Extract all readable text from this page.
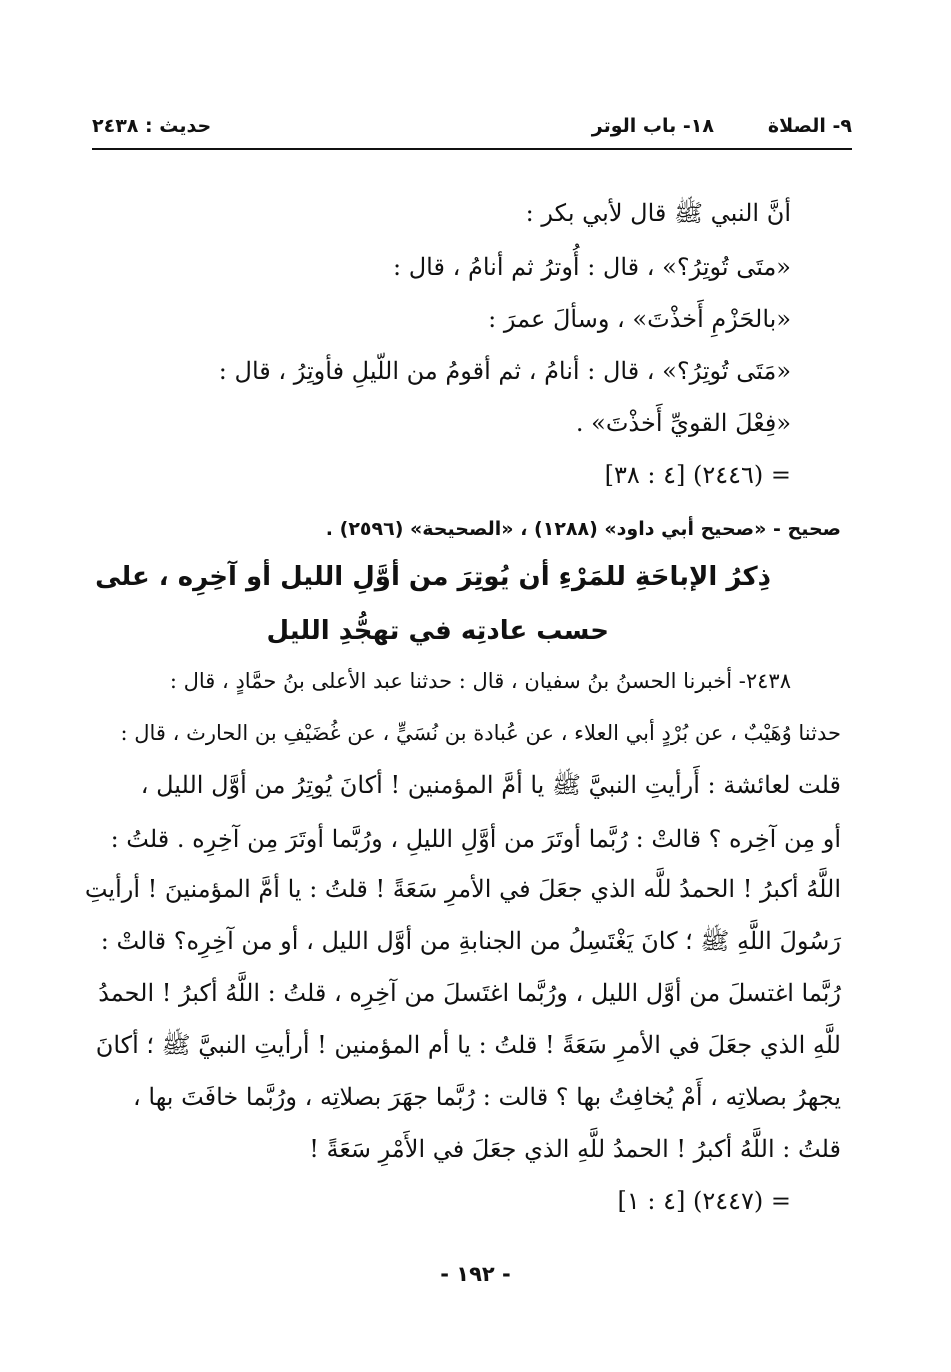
٩- الصلاة
١٨- باب الوتر
حديث : ٢٤٣٨
أنَّ النبي ﷺ قال لأبي بكر :
«متَى تُوتِرُ؟» ، قال : أُوترُ ثم أنامُ ، قال :
«بالحَزْمِ أَخذْتَ» ، وسألَ عمرَ :
«مَتَى تُوتِرُ؟» ، قال : أنامُ ، ثم أقومُ من اللّيلِ فأوتِرُ ، قال :
«فِعْلَ القويِّ أَخذْتَ» .
= (٢٤٤٦) [٤ : ٣٨]
صحيح - «صحيح أبي داود» (١٢٨٨) ، «الصحيحة» (٢٥٩٦) .
ذِكرُ الإباحَةِ للمَرْءِ أن يُوتِرَ من أوَّلِ الليل أو آخِرِه ، على
حسب عادتِه في تهجُّدِ الليل
٢٤٣٨- أخبرنا الحسنُ بنُ سفيان ، قال : حدثنا عبد الأعلى بنُ حمَّادٍ ، قال :
حدثنا وُهَيْبٌ ، عن بُرْدٍ أبي العلاء ، عن عُبادة بن نُسَيٍّ ، عن غُضَيْفِ بن الحارث ، قال :
قلت لعائشة : أَرأيتِ النبيَّ ﷺ يا أمَّ المؤمنين ! أكانَ يُوتِرُ من أوَّل الليل ،
أو مِن آخِره ؟ قالتْ : رُبَّما أوتَرَ من أوَّلِ الليلِ ، ورُبَّما أوتَرَ مِن آخِرِه . قلتُ :
اللَّهُ أكبرُ ! الحمدُ للَّه الذي جعَلَ في الأمرِ سَعَةً ! قلتُ : يا أمَّ المؤمنينَ ! أرأيتِ
رَسُولَ اللَّهِ ﷺ ؛ كانَ يَغْتَسِلُ من الجنابةِ من أوَّل الليل ، أو من آخِرِه؟ قالتْ :
رُبَّما اغتسلَ من أوَّل الليل ، ورُبَّما اغتَسلَ من آخِرِه ، قلتُ : اللَّهُ أكبرُ ! الحمدُ
للَّهِ الذي جعَلَ في الأمرِ سَعَةً ! قلتُ : يا أم المؤمنين ! أرأيتِ النبيَّ ﷺ ؛ أكانَ
يجهرُ بصلاتِه ، أَمْ يُخافِتُ بها ؟ قالت : رُبَّما جهَرَ بصلاتِه ، ورُبَّما خافَتَ بها ،
قلتُ : اللَّهُ أكبرُ ! الحمدُ للَّهِ الذي جعَلَ في الأَمْرِ سَعَةً !
= (٢٤٤٧) [٤ : ١]
- ١٩٢ -
